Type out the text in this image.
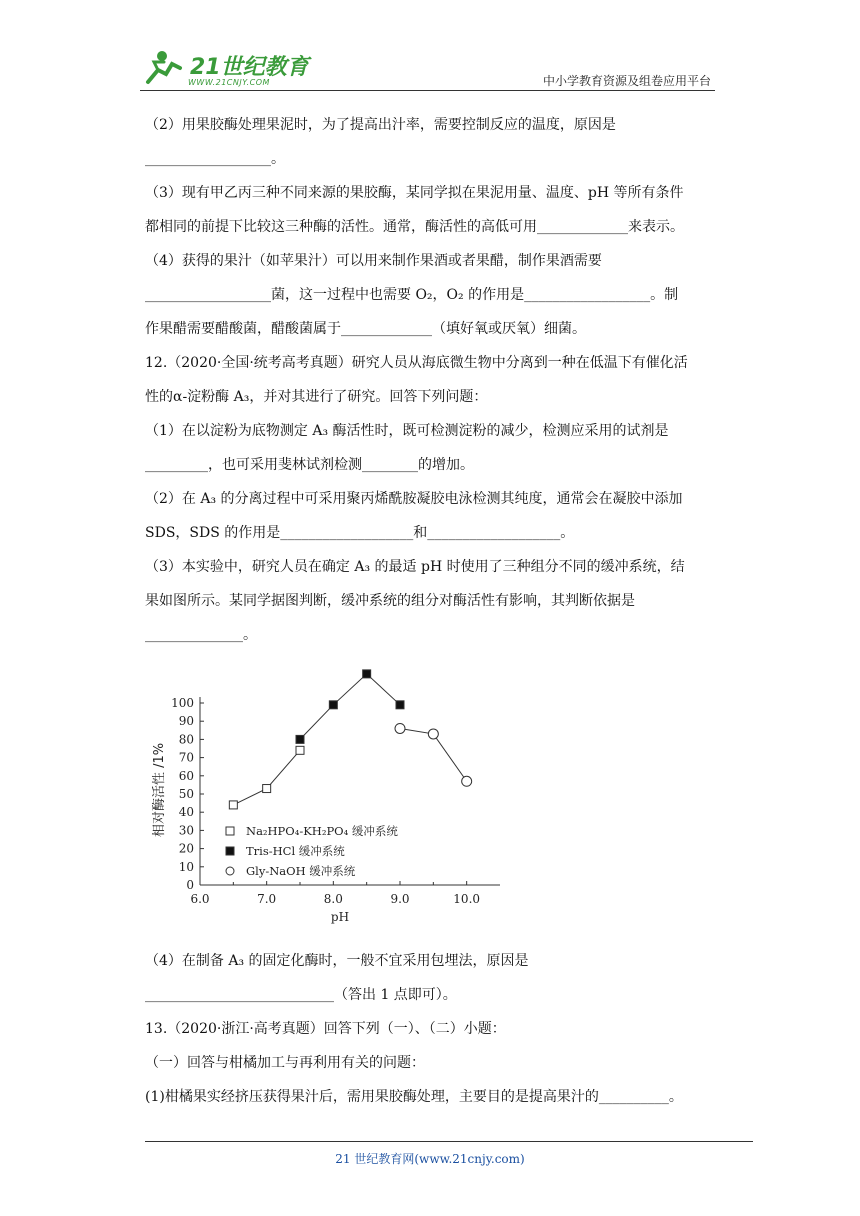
21世纪教育
WWW.21CNJY.COM	中小学教育资源及组卷应用平台
（2）用果胶酶处理果泥时，为了提高出汁率，需要控制反应的温度，原因是
__________________。
（3）现有甲乙丙三种不同来源的果胶酶，某同学拟在果泥用量、温度、pH 等所有条件
都相同的前提下比较这三种酶的活性。通常，酶活性的高低可用_____________来表示。
（4）获得的果汁（如苹果汁）可以用来制作果酒或者果醋，制作果酒需要
__________________菌，这一过程中也需要 O₂，O₂ 的作用是__________________。制
作果醋需要醋酸菌，醋酸菌属于_____________（填好氧或厌氧）细菌。
12.（2020·全国·统考高考真题）研究人员从海底微生物中分离到一种在低温下有催化活
性的α-淀粉酶 A₃，并对其进行了研究。回答下列问题：
（1）在以淀粉为底物测定 A₃ 酶活性时，既可检测淀粉的减少，检测应采用的试剂是
_________，也可采用斐林试剂检测________的增加。
（2）在 A₃ 的分离过程中可采用聚丙烯酰胺凝胶电泳检测其纯度，通常会在凝胶中添加
SDS，SDS 的作用是___________________和___________________。
（3）本实验中，研究人员在确定 A₃ 的最适 pH 时使用了三种组分不同的缓冲系统，结
果如图所示。某同学据图判断，缓冲系统的组分对酶活性有影响，其判断依据是
______________。
0
10
20
30
40
50
60
70
80
90
100
6.0	7.0	8.0	9.0	10.0
pH
相对酶活性 /1%	Na₂HPO₄-KH₂PO₄ 缓冲系统
Tris-HCl 缓冲系统
Gly-NaOH 缓冲系统
（4）在制备 A₃ 的固定化酶时，一般不宜采用包埋法，原因是
___________________________（答出 1 点即可）。
13.（2020·浙江·高考真题）回答下列（一）、（二）小题：
（一）回答与柑橘加工与再利用有关的问题：
(1)柑橘果实经挤压获得果汁后，需用果胶酶处理，主要目的是提高果汁的__________。
21 世纪教育网(www.21cnjy.com)
